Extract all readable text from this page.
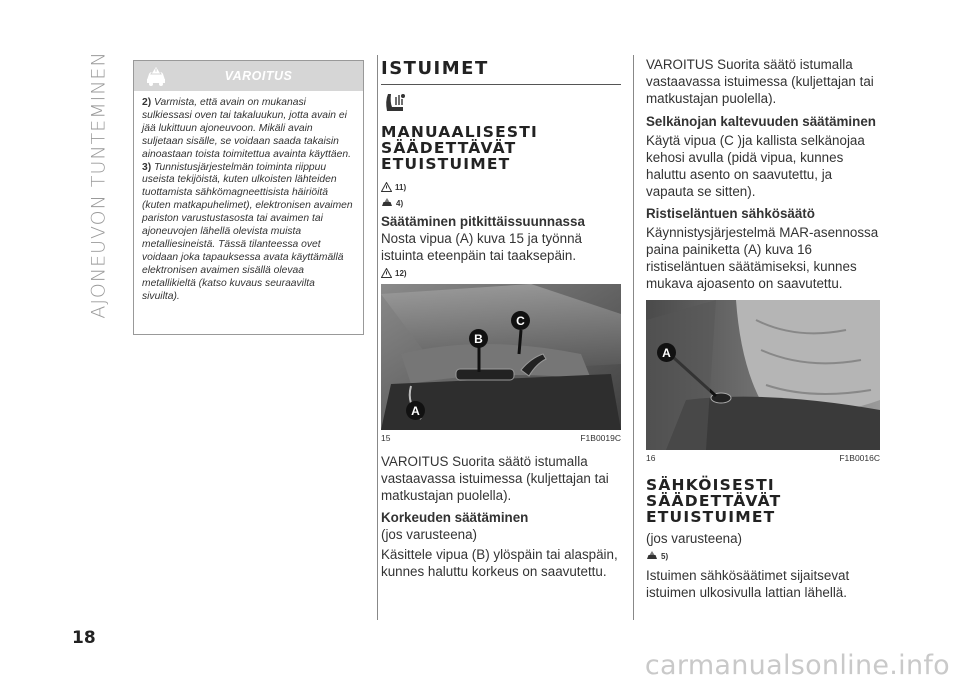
AJONEUVON TUNTEMINEN	VAROITUS

2) Varmista, että avain on mukanasi sulkiessasi oven tai takaluukun, jotta avain ei jää lukittuun ajoneuvoon. Mikäli avain suljetaan sisälle, se voidaan saada takaisin ainoastaan toista toimitettua avainta käyttäen.

3) Tunnistusjärjestelmän toiminta riippuu useista tekijöistä, kuten ulkoisten lähteiden tuottamista sähkömagneettisista häiriöitä (kuten matkapuhelimet), elektronisen avaimen pariston varustustasosta tai avaimen tai ajoneuvojen lähellä olevista muista metalliesineistä. Tässä tilanteessa ovet voidaan joka tapauksessa avata käyttämällä elektronisen avaimen sisällä olevaa metallikieltä (katso kuvaus seuraavilta sivuilta).

ISTUIMET
MANUAALISESTI SÄÄDETTÄVÄT ETUISTUIMET
11)
4)
Säätäminen pitkittäissuunnassa
Nosta vipua (A) kuva 15 ja työnnä istuinta eteenpäin tai taaksepäin.
12)
C
B
A
15	F1B0019C
VAROITUS Suorita säätö istumalla vastaavassa istuimessa (kuljettajan tai matkustajan puolella).
Korkeuden säätäminen
(jos varusteena)
Käsittele vipua (B) ylöspäin tai alaspäin, kunnes haluttu korkeus on saavutettu.
VAROITUS Suorita säätö istumalla vastaavassa istuimessa (kuljettajan tai matkustajan puolella).
Selkänojan kaltevuuden säätäminen
Käytä vipua (C )ja kallista selkänojaa kehosi avulla (pidä vipua, kunnes haluttu asento on saavutettu, ja vapauta se sitten).
Ristiseläntuen sähkösäätö
Käynnistysjärjestelmä MAR-asennossa paina painiketta (A) kuva 16 ristiseläntuen säätämiseksi, kunnes mukava ajoasento on saavutettu.
A
16	F1B0016C
SÄHKÖISESTI SÄÄDETTÄVÄT ETUISTUIMET
(jos varusteena)
5)
Istuimen sähkösäätimet sijaitsevat istuimen ulkosivulla lattian lähellä.
18
carmanualsonline.info
